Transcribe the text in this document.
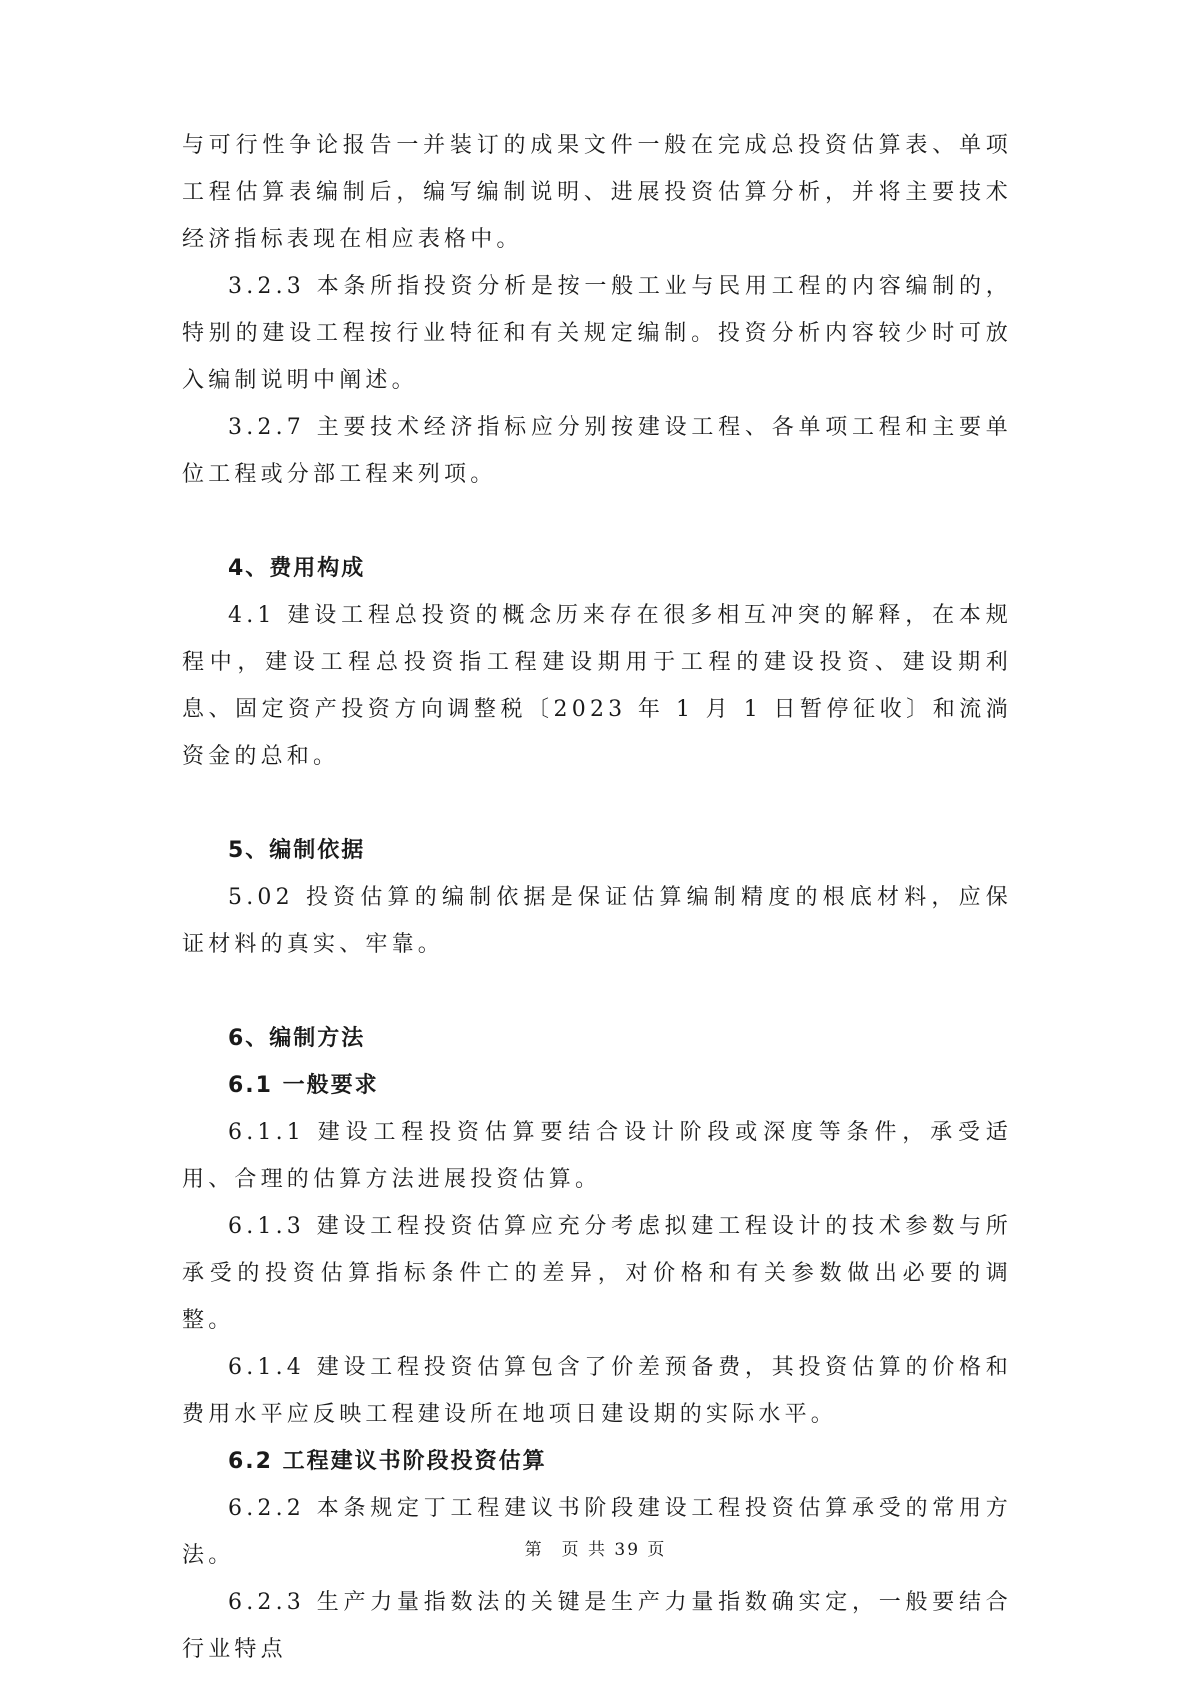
与可行性争论报告一并装订的成果文件一般在完成总投资估算表、单项工程估算表编制后，编写编制说明、进展投资估算分析，并将主要技术经济指标表现在相应表格中。

3.2.3 本条所指投资分析是按一般工业与民用工程的内容编制的，特别的建设工程按行业特征和有关规定编制。投资分析内容较少时可放入编制说明中阐述。

3.2.7 主要技术经济指标应分别按建设工程、各单项工程和主要单位工程或分部工程来列项。

4、费用构成

4.1 建设工程总投资的概念历来存在很多相互冲突的解释，在本规程中，建设工程总投资指工程建设期用于工程的建设投资、建设期利息、固定资产投资方向调整税〔2023 年 1 月 1 日暂停征收〕和流淌资金的总和。

5、编制依据

5.02 投资估算的编制依据是保证估算编制精度的根底材料，应保证材料的真实、牢靠。

6、编制方法

6.1 一般要求

6.1.1 建设工程投资估算要结合设计阶段或深度等条件，承受适用、合理的估算方法进展投资估算。

6.1.3 建设工程投资估算应充分考虑拟建工程设计的技术参数与所承受的投资估算指标条件亡的差异，对价格和有关参数做出必要的调整。

6.1.4 建设工程投资估算包含了价差预备费，其投资估算的价格和费用水平应反映工程建设所在地项日建设期的实际水平。

6.2 工程建议书阶段投资估算

6.2.2 本条规定丁工程建议书阶段建设工程投资估算承受的常用方法。

6.2.3 生产力量指数法的关键是生产力量指数确实定，一般要结合行业特点

第 页 共 39 页
